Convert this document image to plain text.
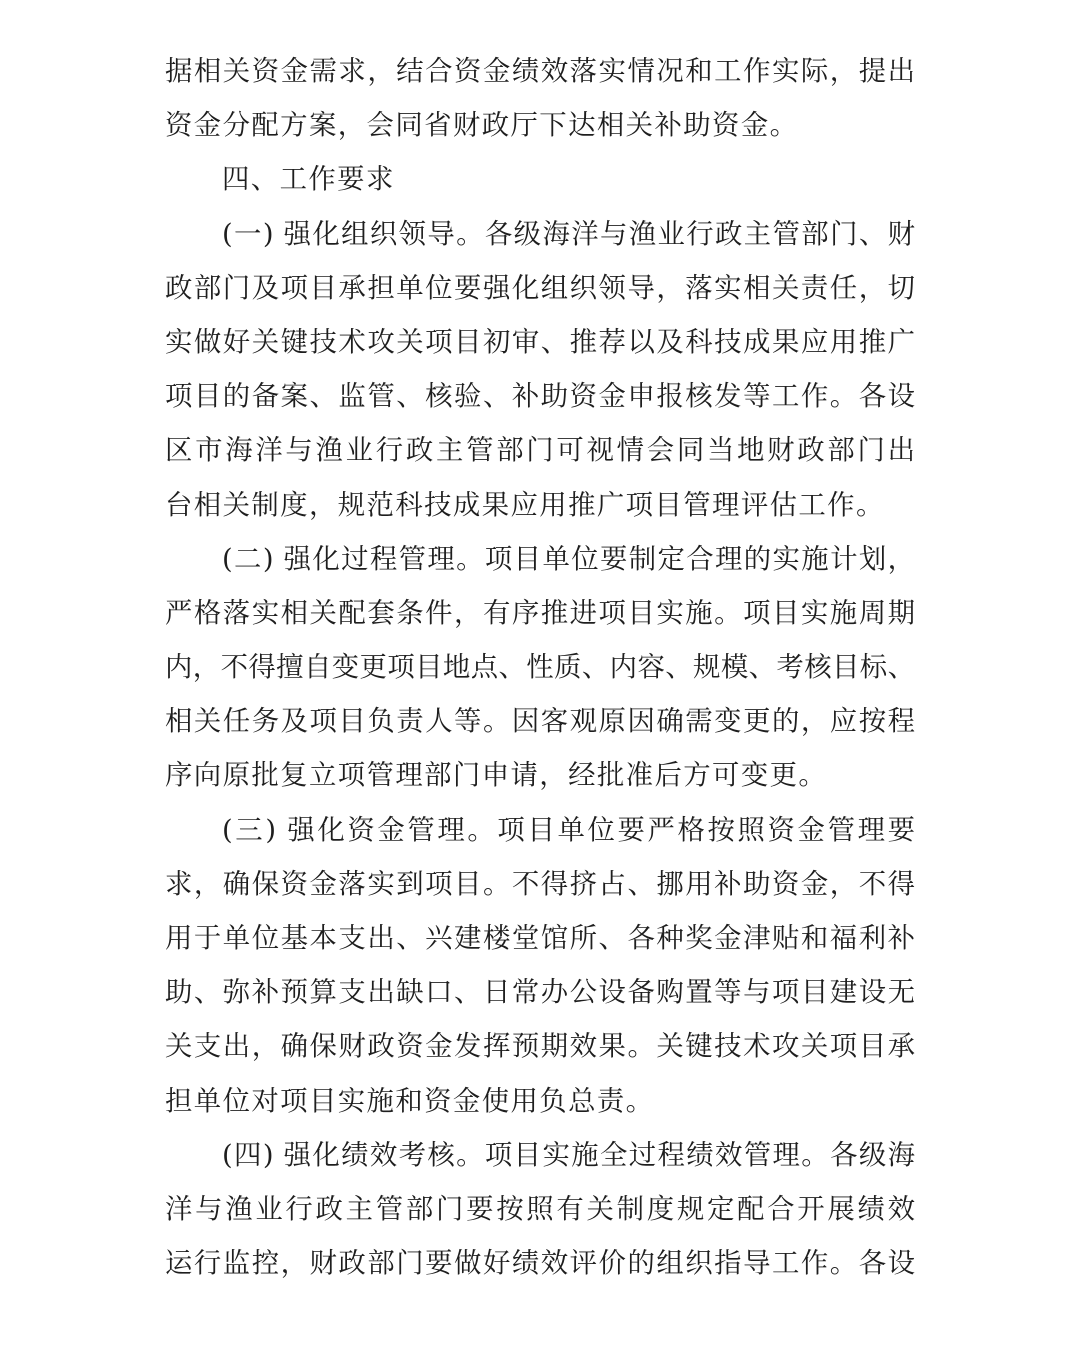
据相关资金需求，结合资金绩效落实情况和工作实际，提出
资金分配方案，会同省财政厅下达相关补助资金。
四、工作要求
(一) 强化组织领导。各级海洋与渔业行政主管部门、财
政部门及项目承担单位要强化组织领导，落实相关责任，切
实做好关键技术攻关项目初审、推荐以及科技成果应用推广
项目的备案、监管、核验、补助资金申报核发等工作。各设
区市海洋与渔业行政主管部门可视情会同当地财政部门出
台相关制度，规范科技成果应用推广项目管理评估工作。
(二) 强化过程管理。项目单位要制定合理的实施计划，
严格落实相关配套条件，有序推进项目实施。项目实施周期
内，不得擅自变更项目地点、性质、内容、规模、考核目标、
相关任务及项目负责人等。因客观原因确需变更的，应按程
序向原批复立项管理部门申请，经批准后方可变更。
(三) 强化资金管理。项目单位要严格按照资金管理要
求，确保资金落实到项目。不得挤占、挪用补助资金，不得
用于单位基本支出、兴建楼堂馆所、各种奖金津贴和福利补
助、弥补预算支出缺口、日常办公设备购置等与项目建设无
关支出，确保财政资金发挥预期效果。关键技术攻关项目承
担单位对项目实施和资金使用负总责。
(四) 强化绩效考核。项目实施全过程绩效管理。各级海
洋与渔业行政主管部门要按照有关制度规定配合开展绩效
运行监控，财政部门要做好绩效评价的组织指导工作。各设
